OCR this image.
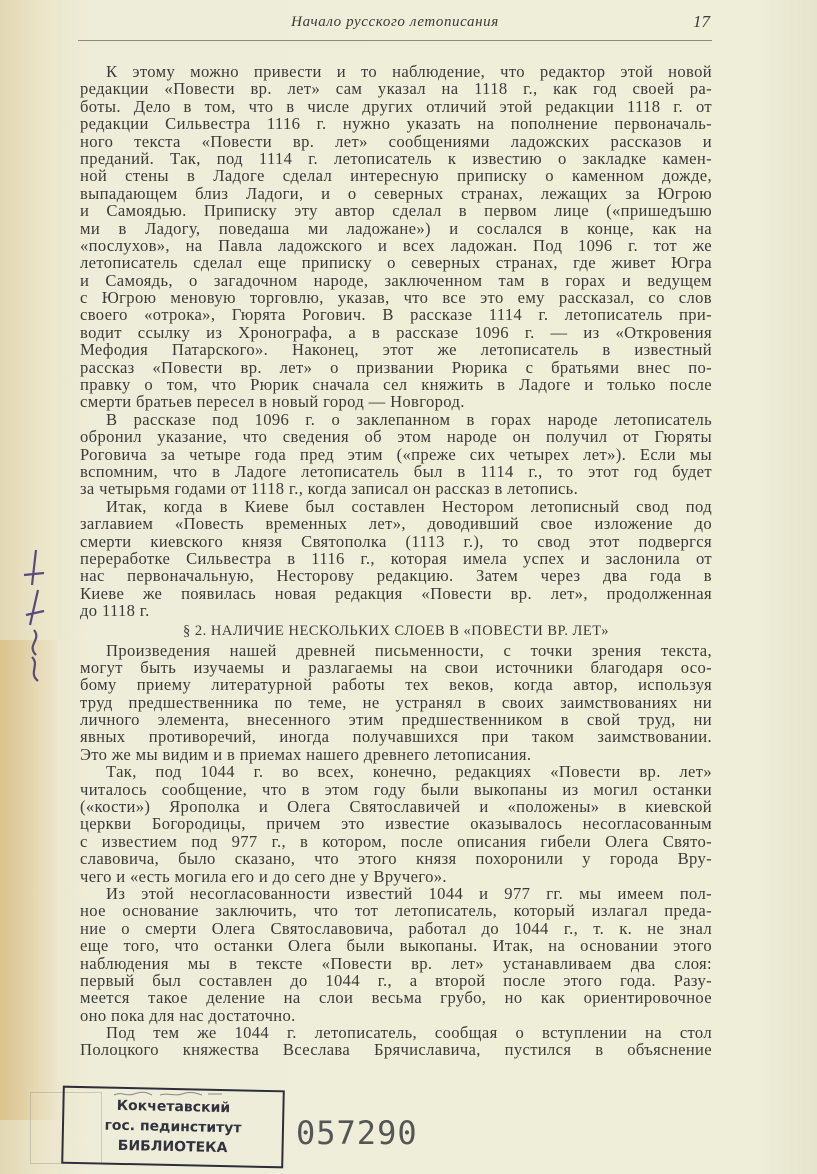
Начало русского летописания	17
К этому можно привести и то наблюдение, что редактор этой новой
редакции «Повести вр. лет» сам указал на 1118 г., как год своей ра-
боты. Дело в том, что в числе других отличий этой редакции 1118 г. от
редакции Сильвестра 1116 г. нужно указать на пополнение первоначаль-
ного текста «Повести вр. лет» сообщениями ладожских рассказов и
преданий. Так, под 1114 г. летописатель к известию о закладке камен-
ной стены в Ладоге сделал интересную приписку о каменном дожде,
выпадающем близ Ладоги, и о северных странах, лежащих за Югрою
и Самоядью. Приписку эту автор сделал в первом лице («пришедъшю
ми в Ладогу, поведаша ми ладожане») и сослался в конце, как на
«послухов», на Павла ладожского и всех ладожан. Под 1096 г. тот же
летописатель сделал еще приписку о северных странах, где живет Югра
и Самоядь, о загадочном народе, заключенном там в горах и ведущем
с Югрою меновую торговлю, указав, что все это ему рассказал, со слов
своего «отрока», Гюрята Рогович. В рассказе 1114 г. летописатель при-
водит ссылку из Хронографа, а в рассказе 1096 г. — из «Откровения
Мефодия Патарского». Наконец, этот же летописатель в известный
рассказ «Повести вр. лет» о призвании Рюрика с братьями внес по-
правку о том, что Рюрик сначала сел княжить в Ладоге и только после
смерти братьев пересел в новый город — Новгород.
В рассказе под 1096 г. о заклепанном в горах народе летописатель
обронил указание, что сведения об этом народе он получил от Гюряты
Роговича за четыре года пред этим («преже сих четырех лет»). Если мы
вспомним, что в Ладоге летописатель был в 1114 г., то этот год будет
за четырьмя годами от 1118 г., когда записал он рассказ в летопись.
Итак, когда в Киеве был составлен Нестором летописный свод под
заглавием «Повесть временных лет», доводивший свое изложение до
смерти киевского князя Святополка (1113 г.), то свод этот подвергся
переработке Сильвестра в 1116 г., которая имела успех и заслонила от
нас первоначальную, Несторову редакцию. Затем через два года в
Киеве же появилась новая редакция «Повести вр. лет», продолженная
до 1118 г.
§ 2. НАЛИЧИЕ НЕСКОЛЬКИХ СЛОЕВ В «ПОВЕСТИ ВР. ЛЕТ»
Произведения нашей древней письменности, с точки зрения текста,
могут быть изучаемы и разлагаемы на свои источники благодаря осо-
бому приему литературной работы тех веков, когда автор, используя
труд предшественника по теме, не устранял в своих заимствованиях ни
личного элемента, внесенного этим предшественником в свой труд, ни
явных противоречий, иногда получавшихся при таком заимствовании.
Это же мы видим и в приемах нашего древнего летописания.
Так, под 1044 г. во всех, конечно, редакциях «Повести вр. лет»
читалось сообщение, что в этом году были выкопаны из могил останки
(«кости») Ярополка и Олега Святославичей и «положены» в киевской
церкви Богородицы, причем это известие оказывалось несогласованным
с известием под 977 г., в котором, после описания гибели Олега Свято-
славовича, было сказано, что этого князя похоронили у города Вру-
чего и «есть могила его и до сего дне у Вручего».
Из этой несогласованности известий 1044 и 977 гг. мы имеем пол-
ное основание заключить, что тот летописатель, который излагал преда-
ние о смерти Олега Святославовича, работал до 1044 г., т. к. не знал
еще того, что останки Олега были выкопаны. Итак, на основании этого
наблюдения мы в тексте «Повести вр. лет» устанавливаем два слоя:
первый был составлен до 1044 г., а второй после этого года. Разу-
меется такое деление на слои весьма грубо, но как ориентировочное
оно пока для нас достаточно.
Под тем же 1044 г. летописатель, сообщая о вступлении на стол
Полоцкого княжества Всеслава Брячиславича, пустился в объяснение
Кокчетавский
гос. пединститут
БИБЛИОТЕКА	057290
